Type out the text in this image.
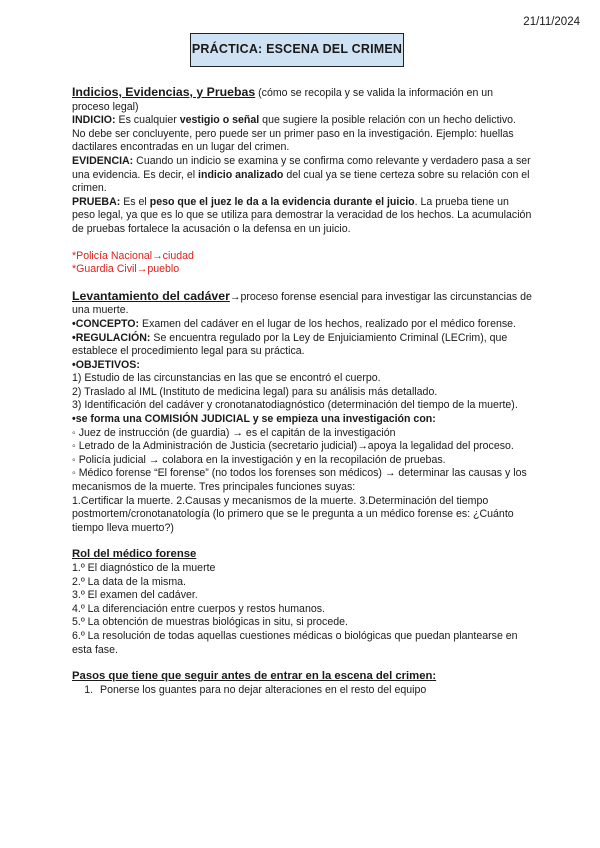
21/11/2024
PRÁCTICA: ESCENA DEL CRIMEN

Indicios, Evidencias, y Pruebas (cómo se recopila y se valida la información en un proceso legal)

INDICIO: Es cualquier vestigio o señal que sugiere la posible relación con un hecho delictivo. No debe ser concluyente, pero puede ser un primer paso en la investigación. Ejemplo: huellas dactilares encontradas en un lugar del crimen.

EVIDENCIA: Cuando un indicio se examina y se confirma como relevante y verdadero pasa a ser una evidencia. Es decir, el indicio analizado del cual ya se tiene certeza sobre su relación con el crimen.

PRUEBA: Es el peso que el juez le da a la evidencia durante el juicio. La prueba tiene un peso legal, ya que es lo que se utiliza para demostrar la veracidad de los hechos. La acumulación de pruebas fortalece la acusación o la defensa en un juicio.

*Policía Nacional→ciudad

*Guardia Civil→pueblo

Levantamiento del cadáver→proceso forense esencial para investigar las circunstancias de una muerte.

•CONCEPTO: Examen del cadáver en el lugar de los hechos, realizado por el médico forense.

•REGULACIÓN: Se encuentra regulado por la Ley de Enjuiciamiento Criminal (LECrim), que establece el procedimiento legal para su práctica.

•OBJETIVOS:

1) Estudio de las circunstancias en las que se encontró el cuerpo.

2) Traslado al IML (Instituto de medicina legal) para su análisis más detallado.

3) Identificación del cadáver y cronotanatodiagnóstico (determinación del tiempo de la muerte).

•se forma una COMISIÓN JUDICIAL y se empieza una investigación con:

◦ Juez de instrucción (de guardia) → es el capitán de la investigación

◦ Letrado de la Administración de Justicia (secretario judicial)→apoya la legalidad del proceso.

◦ Policía judicial → colabora en la investigación y en la recopilación de pruebas.

◦ Médico forense “El forense” (no todos los forenses son médicos) → determinar las causas y los mecanismos de la muerte. Tres principales funciones suyas:

1.Certificar la muerte. 2.Causas y mecanismos de la muerte. 3.Determinación del tiempo postmortem/cronotanatología (lo primero que se le pregunta a un médico forense es: ¿Cuánto tiempo lleva muerto?)

Rol del médico forense

1.º El diagnóstico de la muerte

2.º La data de la misma.

3.º El examen del cadáver.

4.º La diferenciación entre cuerpos y restos humanos.

5.º La obtención de muestras biológicas in situ, si procede.

6.º La resolución de todas aquellas cuestiones médicas o biológicas que puedan plantearse en esta fase.

Pasos que tiene que seguir antes de entrar en la escena del crimen:

1. Ponerse los guantes para no dejar alteraciones en el resto del equipo
